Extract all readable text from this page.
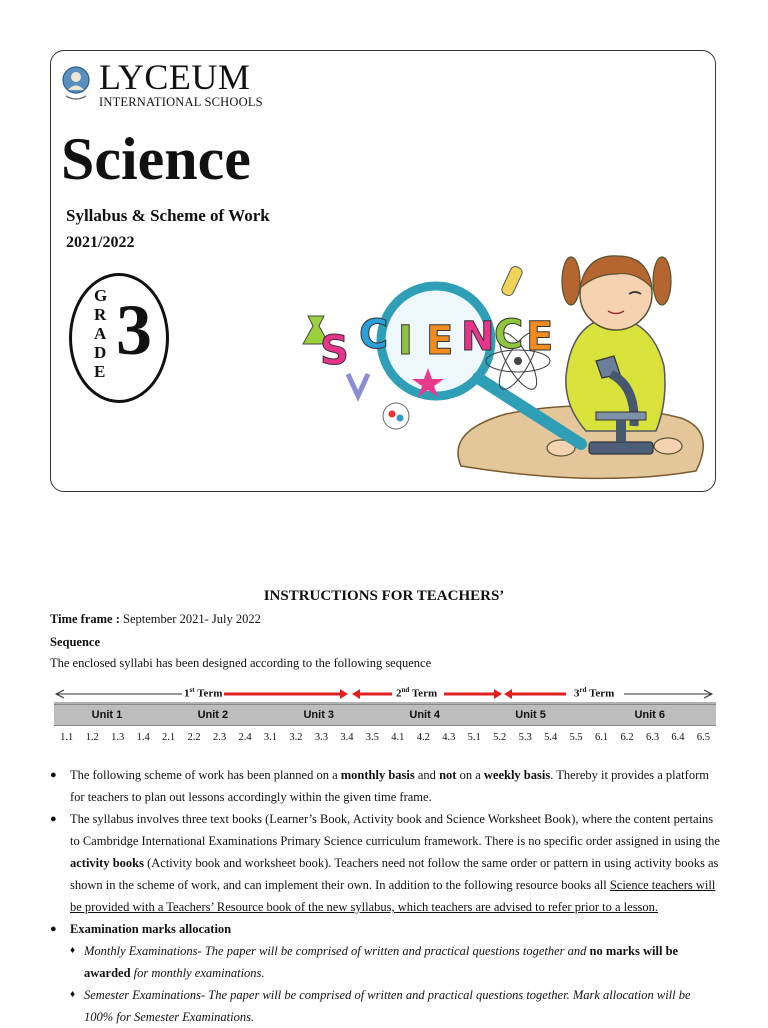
LYCEUM
INTERNATIONAL SCHOOLS
Science
Syllabus & Scheme of Work
2021/2022
G
R
A
D
E
3	S C I E N C E
INSTRUCTIONS FOR TEACHERS’
Time frame : September 2021- July 2022
Sequence
The enclosed syllabi has been designed according to the following sequence
1st Term	2nd Term	3rd Term
Unit 1	Unit 2	Unit 3	Unit 4	Unit 5	Unit 6
1.1	1.2	1.3	1.4	2.1	2.2	2.3	2.4	3.1	3.2	3.3	3.4	3.5	4.1	4.2	4.3	5.1	5.2	5.3	5.4	5.5	6.1	6.2	6.3	6.4	6.5
● The following scheme of work has been planned on a monthly basis and not on a weekly basis. Thereby it provides a platform for teachers to plan out lessons accordingly within the given time frame.
● The syllabus involves three text books (Learner’s Book, Activity book and Science Worksheet Book), where the content pertains to Cambridge International Examinations Primary Science curriculum framework. There is no specific order assigned in using the activity books (Activity book and worksheet book). Teachers need not follow the same order or pattern in using activity books as shown in the scheme of work, and can implement their own. In addition to the following resource books all Science teachers will be provided with a Teachers’ Resource book of the new syllabus, which teachers are advised to refer prior to a lesson.
● Examination marks allocation
♦ Monthly Examinations- The paper will be comprised of written and practical questions together and no marks will be awarded for monthly examinations.
♦ Semester Examinations- The paper will be comprised of written and practical questions together. Mark allocation will be 100% for Semester Examinations.
